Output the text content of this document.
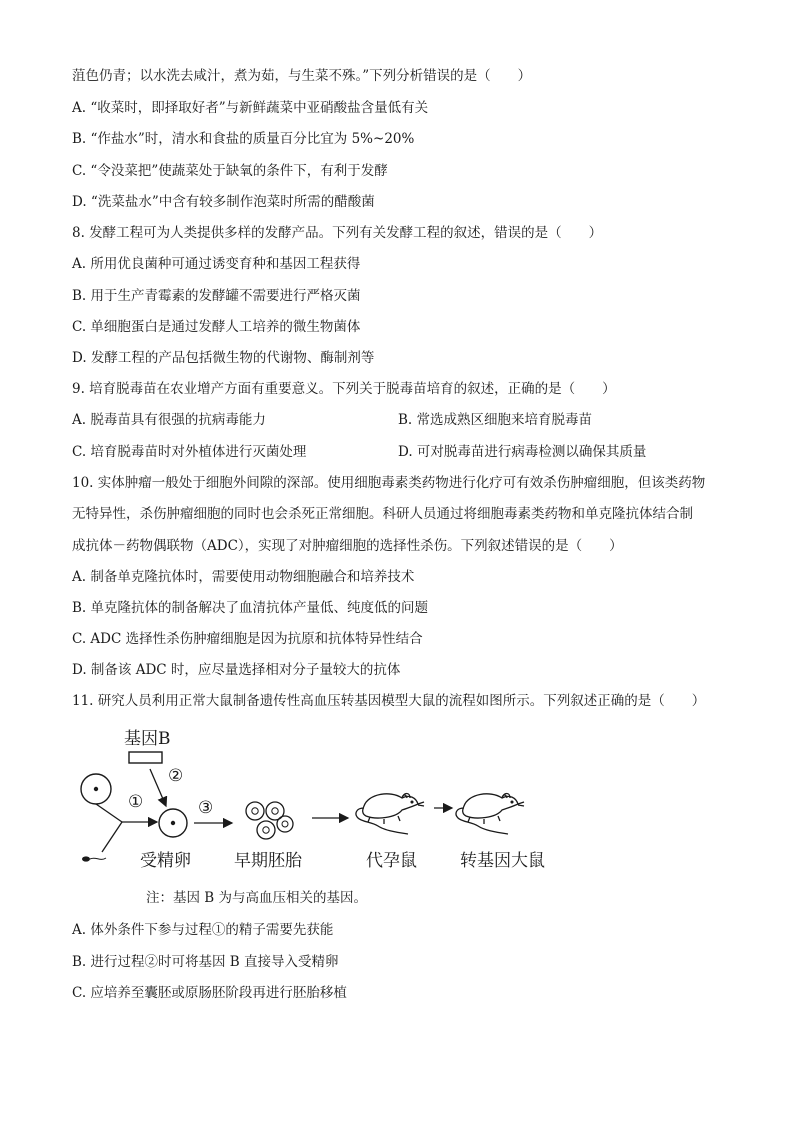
菹色仍青；以水洗去咸汁，煮为茹，与生菜不殊。”下列分析错误的是（　　）
A. “收菜时，即择取好者”与新鲜蔬菜中亚硝酸盐含量低有关
B. “作盐水”时，清水和食盐的质量百分比宜为 5%~20%
C. “令没菜把”使蔬菜处于缺氧的条件下，有利于发酵
D. “洗菜盐水”中含有较多制作泡菜时所需的醋酸菌
8. 发酵工程可为人类提供多样的发酵产品。下列有关发酵工程的叙述，错误的是（　　）
A. 所用优良菌种可通过诱变育种和基因工程获得
B. 用于生产青霉素的发酵罐不需要进行严格灭菌
C. 单细胞蛋白是通过发酵人工培养的微生物菌体
D. 发酵工程的产品包括微生物的代谢物、酶制剂等
9. 培育脱毒苗在农业增产方面有重要意义。下列关于脱毒苗培育的叙述，正确的是（　　）
A. 脱毒苗具有很强的抗病毒能力	B. 常选成熟区细胞来培育脱毒苗
C. 培育脱毒苗时对外植体进行灭菌处理	D. 可对脱毒苗进行病毒检测以确保其质量
10. 实体肿瘤一般处于细胞外间隙的深部。使用细胞毒素类药物进行化疗可有效杀伤肿瘤细胞，但该类药物
无特异性，杀伤肿瘤细胞的同时也会杀死正常细胞。科研人员通过将细胞毒素类药物和单克隆抗体结合制
成抗体－药物偶联物（ADC），实现了对肿瘤细胞的选择性杀伤。下列叙述错误的是（　　）
A. 制备单克隆抗体时，需要使用动物细胞融合和培养技术
B. 单克隆抗体的制备解决了血清抗体产量低、纯度低的问题
C. ADC 选择性杀伤肿瘤细胞是因为抗原和抗体特异性结合
D. 制备该 ADC 时，应尽量选择相对分子量较大的抗体
11. 研究人员利用正常大鼠制备遗传性高血压转基因模型大鼠的流程如图所示。下列叙述正确的是（　　）
基因B
①
②
③
受精卵	早期胚胎	代孕鼠	转基因大鼠
注：基因 B 为与高血压相关的基因。
A. 体外条件下参与过程①的精子需要先获能
B. 进行过程②时可将基因 B 直接导入受精卵
C. 应培养至囊胚或原肠胚阶段再进行胚胎移植
